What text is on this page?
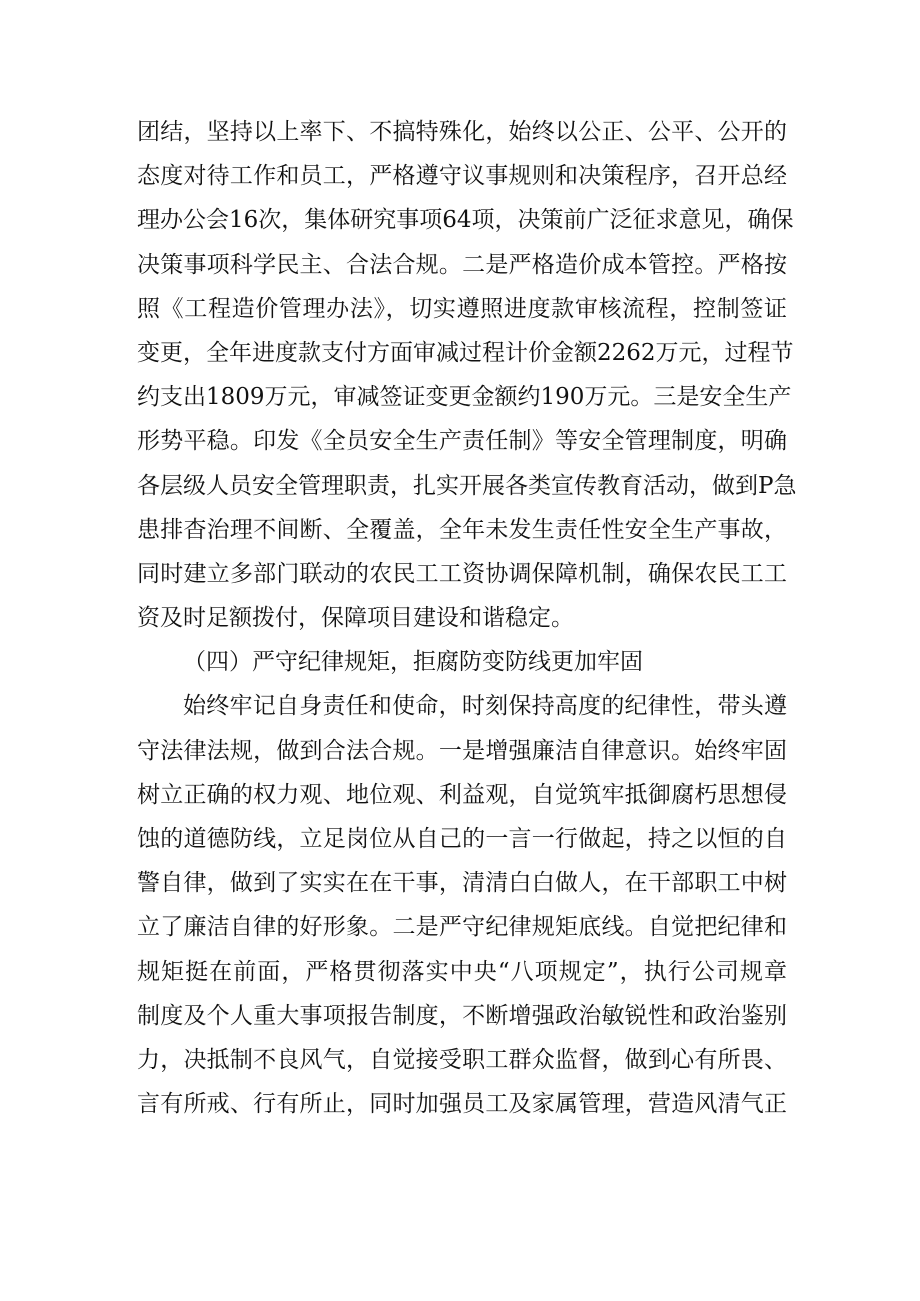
团结，坚持以上率下、不搞特殊化，始终以公正、公平、公开的
态度对待工作和员工，严格遵守议事规则和决策程序，召开总经
理办公会16次，集体研究事项64项，决策前广泛征求意见，确保
决策事项科学民主、合法合规。二是严格造价成本管控。严格按
照《工程造价管理办法》，切实遵照进度款审核流程，控制签证
变更，全年进度款支付方面审减过程计价金额2262万元，过程节
约支出1809万元，审减签证变更金额约190万元。三是安全生产
形势平稳。印发《全员安全生产责任制》等安全管理制度，明确
各层级人员安全管理职责，扎实开展各类宣传教育活动，做到P急
患排杳治理不间断、全覆盖，全年未发生责任性安全生产事故，
同时建立多部门联动的农民工工资协调保障机制，确保农民工工
资及时足额拨付，保障项目建设和谐稳定。
（四）严守纪律规矩，拒腐防变防线更加牢固
始终牢记自身责任和使命，时刻保持高度的纪律性，带头遵
守法律法规，做到合法合规。一是增强廉洁自律意识。始终牢固
树立正确的权力观、地位观、利益观，自觉筑牢抵御腐朽思想侵
蚀的道德防线，立足岗位从自己的一言一行做起，持之以恒的自
警自律，做到了实实在在干事，清清白白做人，在干部职工中树
立了廉洁自律的好形象。二是严守纪律规矩底线。自觉把纪律和
规矩挺在前面，严格贯彻落实中央“八项规定”，执行公司规章
制度及个人重大事项报告制度，不断增强政治敏锐性和政治鉴别
力，决抵制不良风气，自觉接受职工群众监督，做到心有所畏、
言有所戒、行有所止，同时加强员工及家属管理，营造风清气正
